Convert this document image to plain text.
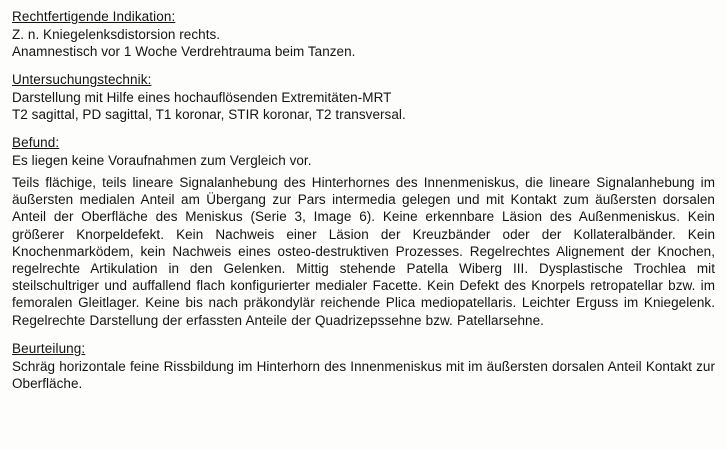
Rechtfertigende Indikation:
Z. n. Kniegelenksdistorsion rechts.
Anamnestisch vor 1 Woche Verdrehtrauma beim Tanzen.
Untersuchungstechnik:
Darstellung mit Hilfe eines hochauflösenden Extremitäten-MRT
T2 sagittal, PD sagittal, T1 koronar, STIR koronar, T2 transversal.
Befund:
Es liegen keine Voraufnahmen zum Vergleich vor.
Teils flächige, teils lineare Signalanhebung des Hinterhornes des Innenmeniskus, die lineare Signalanhebung im äußersten medialen Anteil am Übergang zur Pars intermedia gelegen und mit Kontakt zum äußersten dorsalen Anteil der Oberfläche des Meniskus (Serie 3, Image 6). Keine erkennbare Läsion des Außenmeniskus. Kein größerer Knorpeldefekt. Kein Nachweis einer Läsion der Kreuzbänder oder der Kollateralbänder. Kein Knochenmarködem, kein Nachweis eines osteo-destruktiven Prozesses. Regelrechtes Alignement der Knochen, regelrechte Artikulation in den Gelenken. Mittig stehende Patella Wiberg III. Dysplastische Trochlea mit steilschultriger und auffallend flach konfigurierter medialer Facette. Kein Defekt des Knorpels retropatellar bzw. im femoralen Gleitlager. Keine bis nach präkondylär reichende Plica mediopatellaris. Leichter Erguss im Kniegelenk. Regelrechte Darstellung der erfassten Anteile der Quadrizepssehne bzw. Patellarsehne.
Beurteilung:
Schräg horizontale feine Rissbildung im Hinterhorn des Innenmeniskus mit im äußersten dorsalen Anteil Kontakt zur Oberfläche.
